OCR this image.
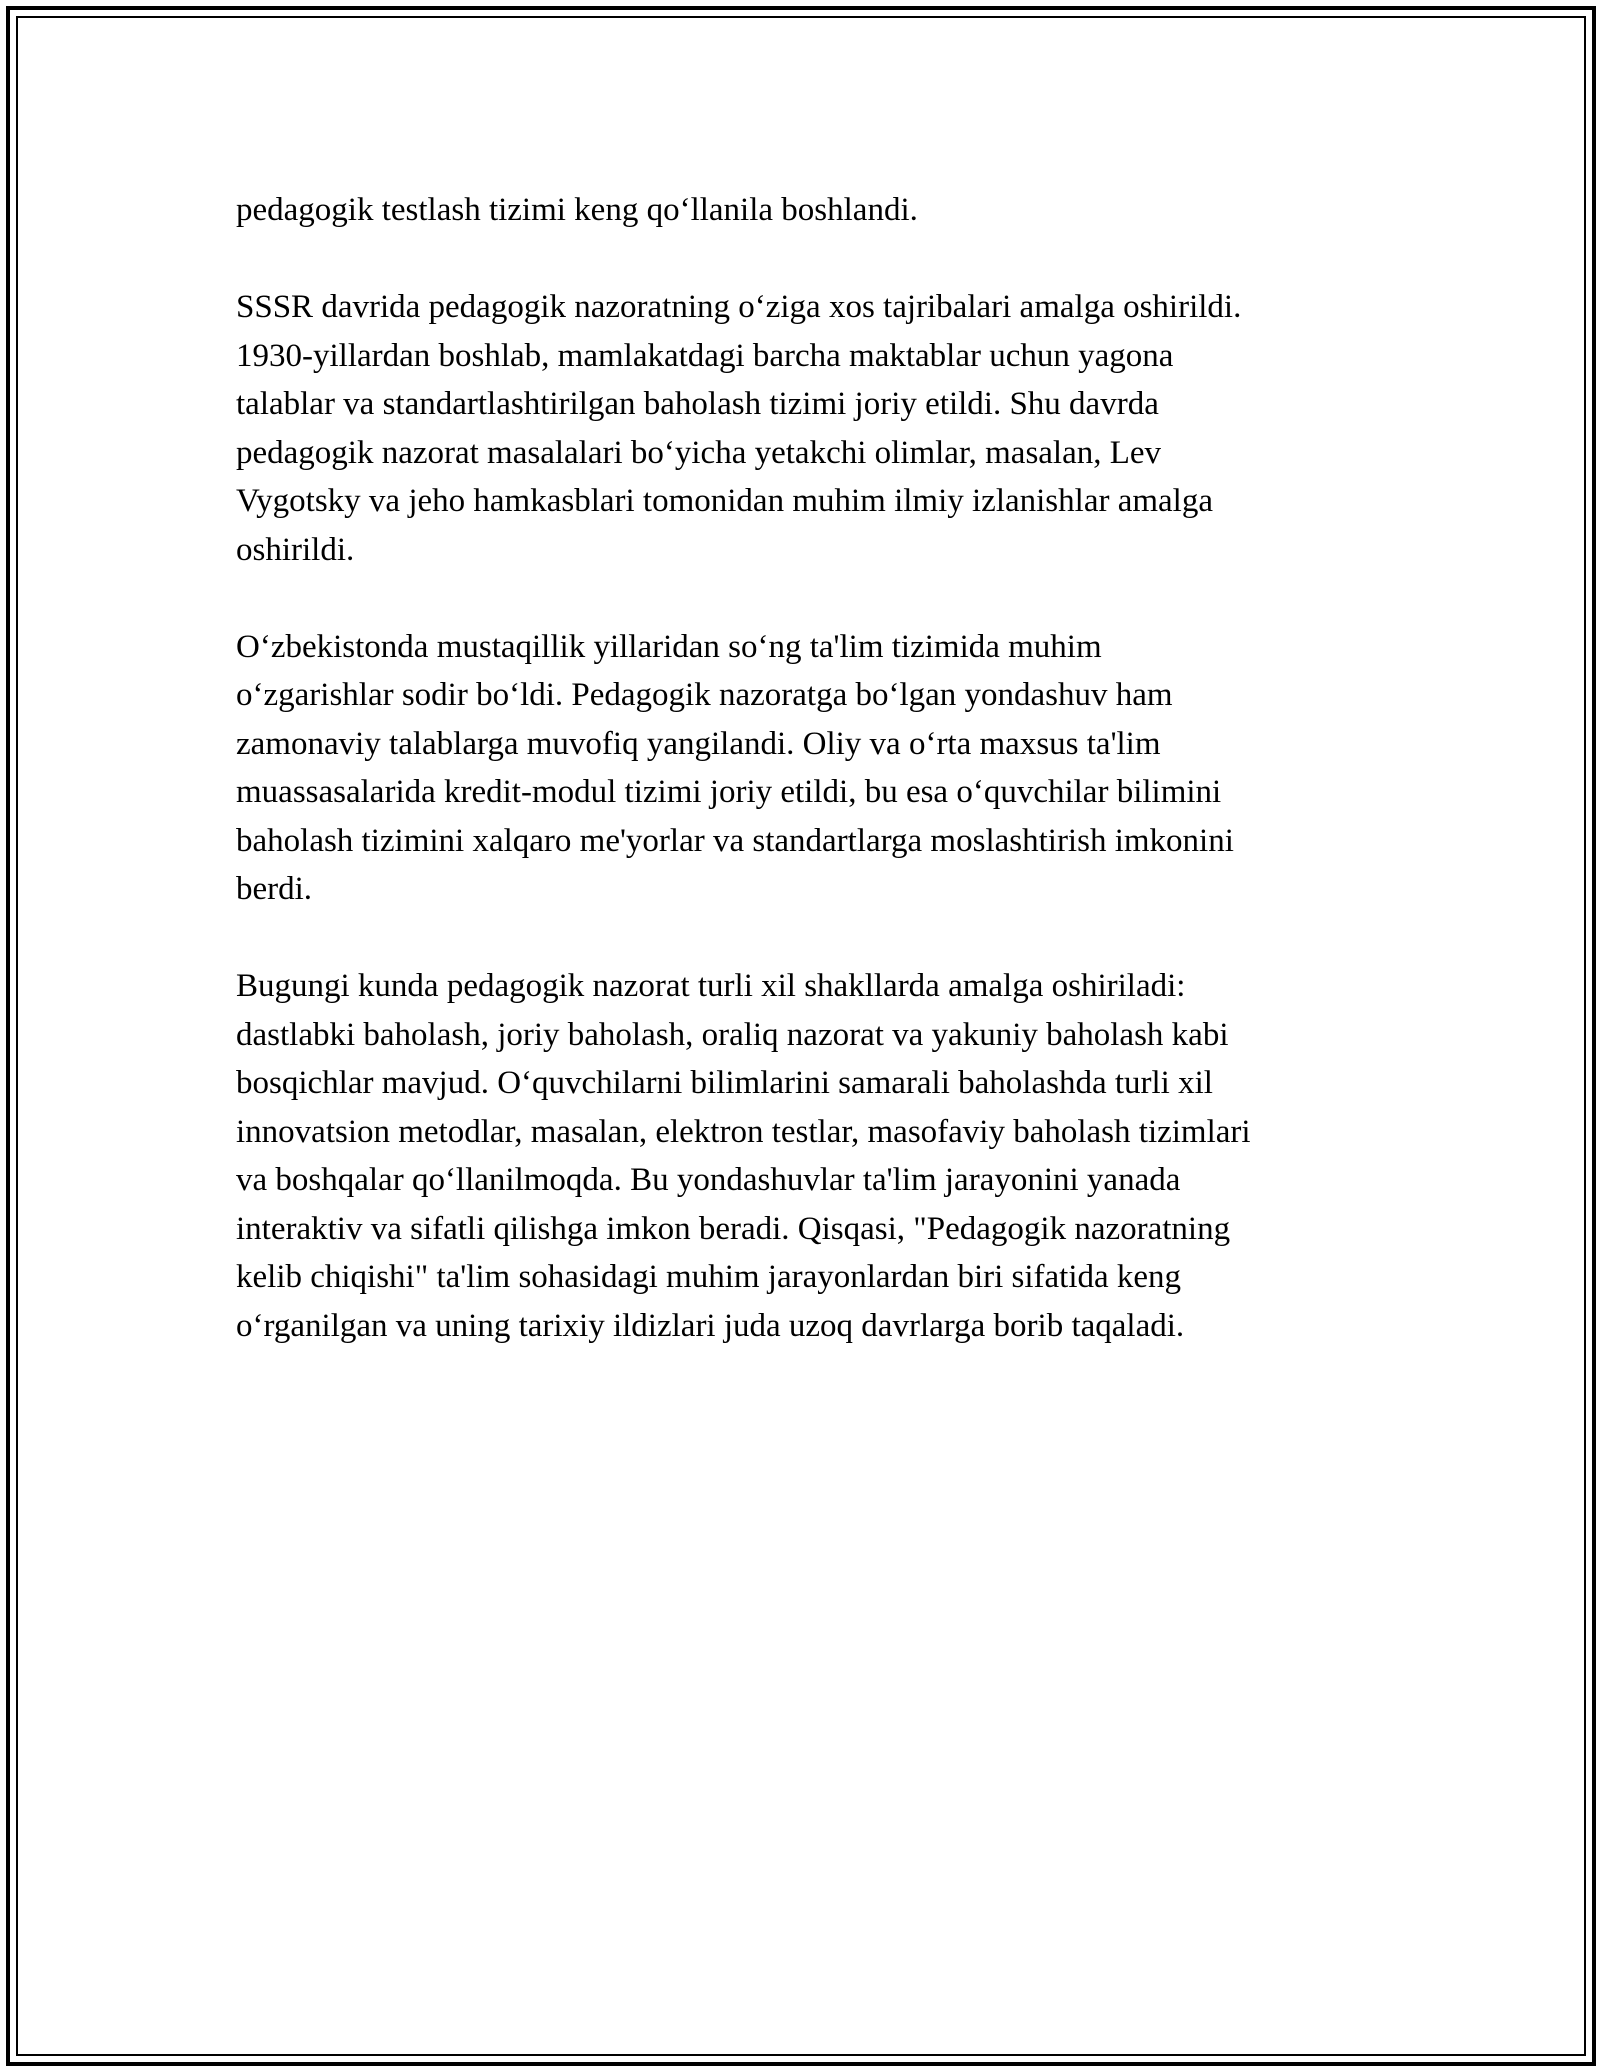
pedagogik testlash tizimi keng qo‘llanila boshlandi.

SSSR davrida pedagogik nazoratning o‘ziga xos tajribalari amalga oshirildi.
1930-yillardan boshlab, mamlakatdagi barcha maktablar uchun yagona
talablar va standartlashtirilgan baholash tizimi joriy etildi. Shu davrda
pedagogik nazorat masalalari bo‘yicha yetakchi olimlar, masalan, Lev
Vygotsky va jeho hamkasblari tomonidan muhim ilmiy izlanishlar amalga
oshirildi.

O‘zbekistonda mustaqillik yillaridan so‘ng ta'lim tizimida muhim
o‘zgarishlar sodir bo‘ldi. Pedagogik nazoratga bo‘lgan yondashuv ham
zamonaviy talablarga muvofiq yangilandi. Oliy va o‘rta maxsus ta'lim
muassasalarida kredit-modul tizimi joriy etildi, bu esa o‘quvchilar bilimini
baholash tizimini xalqaro me'yorlar va standartlarga moslashtirish imkonini
berdi.

Bugungi kunda pedagogik nazorat turli xil shakllarda amalga oshiriladi:
dastlabki baholash, joriy baholash, oraliq nazorat va yakuniy baholash kabi
bosqichlar mavjud. O‘quvchilarni bilimlarini samarali baholashda turli xil
innovatsion metodlar, masalan, elektron testlar, masofaviy baholash tizimlari
va boshqalar qo‘llanilmoqda. Bu yondashuvlar ta'lim jarayonini yanada
interaktiv va sifatli qilishga imkon beradi. Qisqasi, "Pedagogik nazoratning
kelib chiqishi" ta'lim sohasidagi muhim jarayonlardan biri sifatida keng
o‘rganilgan va uning tarixiy ildizlari juda uzoq davrlarga borib taqaladi.
